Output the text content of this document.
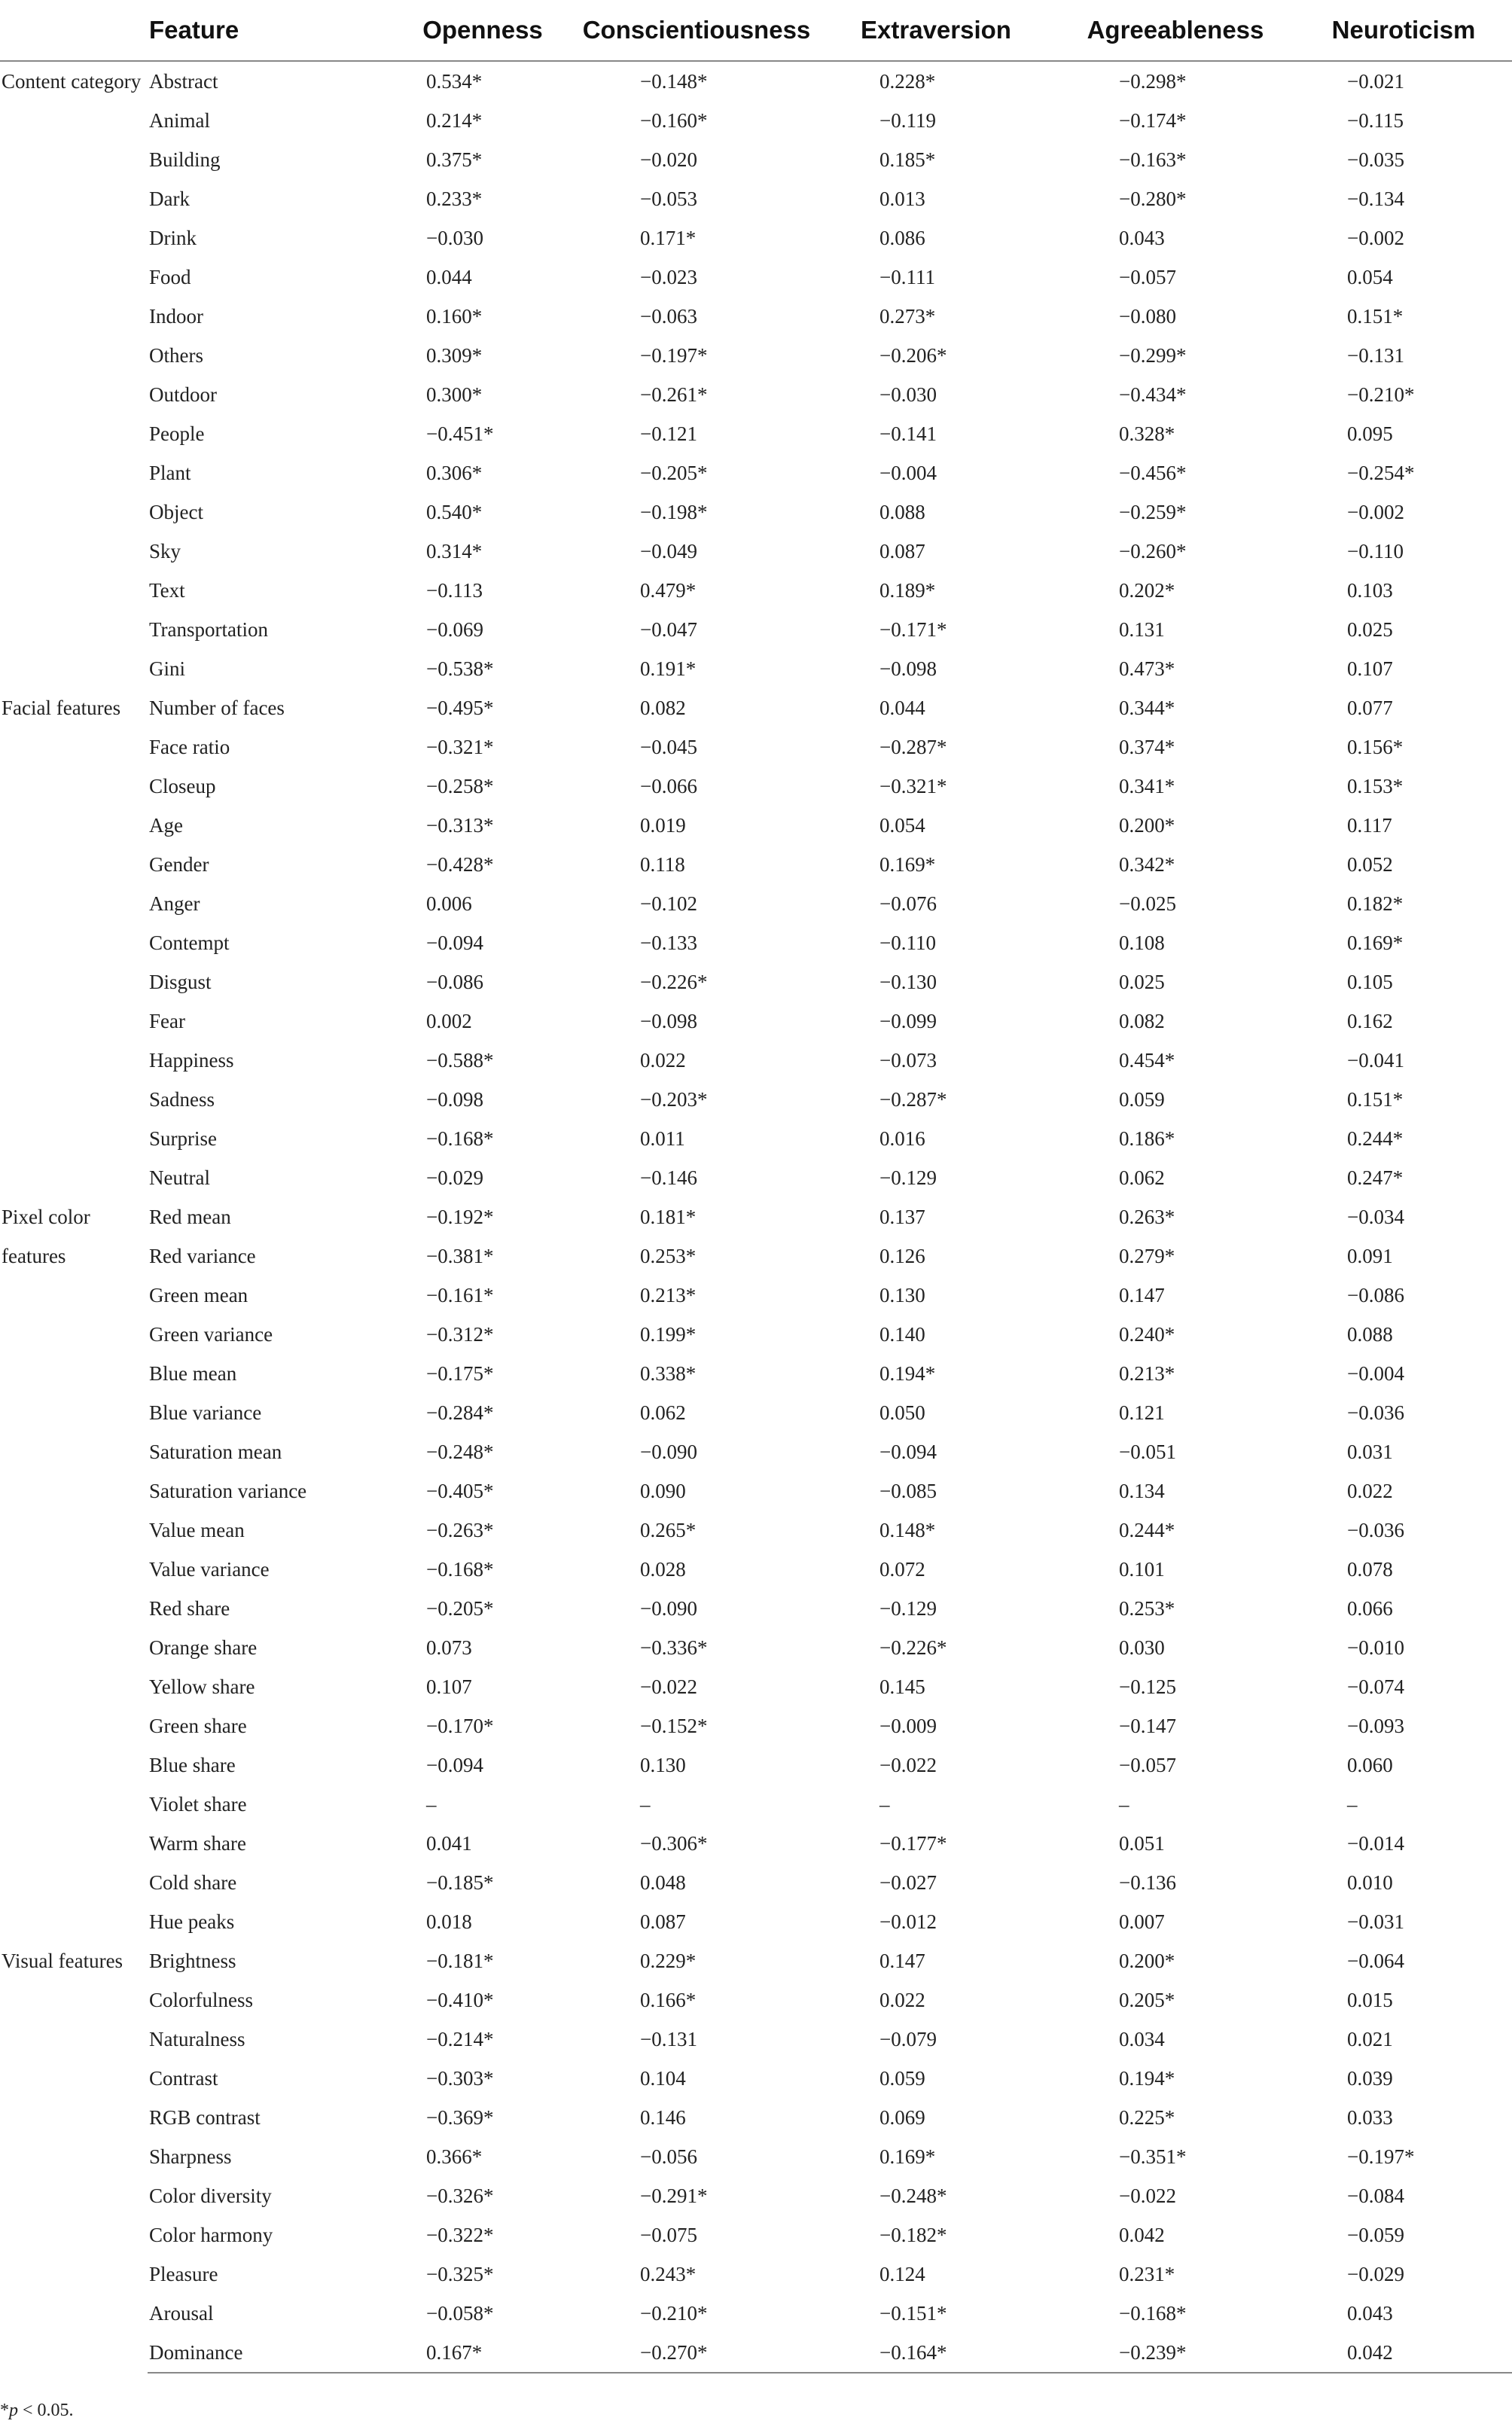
	Feature	Openness	Conscientiousness	Extraversion	Agreeableness	Neuroticism
Content category	Abstract	0.534*	−0.148*	0.228*	−0.298*	−0.021
	Animal	0.214*	−0.160*	−0.119	−0.174*	−0.115
	Building	0.375*	−0.020	0.185*	−0.163*	−0.035
	Dark	0.233*	−0.053	0.013	−0.280*	−0.134
	Drink	−0.030	0.171*	0.086	0.043	−0.002
	Food	0.044	−0.023	−0.111	−0.057	0.054
	Indoor	0.160*	−0.063	0.273*	−0.080	0.151*
	Others	0.309*	−0.197*	−0.206*	−0.299*	−0.131
	Outdoor	0.300*	−0.261*	−0.030	−0.434*	−0.210*
	People	−0.451*	−0.121	−0.141	0.328*	0.095
	Plant	0.306*	−0.205*	−0.004	−0.456*	−0.254*
	Object	0.540*	−0.198*	0.088	−0.259*	−0.002
	Sky	0.314*	−0.049	0.087	−0.260*	−0.110
	Text	−0.113	0.479*	0.189*	0.202*	0.103
	Transportation	−0.069	−0.047	−0.171*	0.131	0.025
	Gini	−0.538*	0.191*	−0.098	0.473*	0.107
Facial features	Number of faces	−0.495*	0.082	0.044	0.344*	0.077
	Face ratio	−0.321*	−0.045	−0.287*	0.374*	0.156*
	Closeup	−0.258*	−0.066	−0.321*	0.341*	0.153*
	Age	−0.313*	0.019	0.054	0.200*	0.117
	Gender	−0.428*	0.118	0.169*	0.342*	0.052
	Anger	0.006	−0.102	−0.076	−0.025	0.182*
	Contempt	−0.094	−0.133	−0.110	0.108	0.169*
	Disgust	−0.086	−0.226*	−0.130	0.025	0.105
	Fear	0.002	−0.098	−0.099	0.082	0.162
	Happiness	−0.588*	0.022	−0.073	0.454*	−0.041
	Sadness	−0.098	−0.203*	−0.287*	0.059	0.151*
	Surprise	−0.168*	0.011	0.016	0.186*	0.244*
	Neutral	−0.029	−0.146	−0.129	0.062	0.247*
Pixel color features	Red mean	−0.192*	0.181*	0.137	0.263*	−0.034
	Red variance	−0.381*	0.253*	0.126	0.279*	0.091
	Green mean	−0.161*	0.213*	0.130	0.147	−0.086
	Green variance	−0.312*	0.199*	0.140	0.240*	0.088
	Blue mean	−0.175*	0.338*	0.194*	0.213*	−0.004
	Blue variance	−0.284*	0.062	0.050	0.121	−0.036
	Saturation mean	−0.248*	−0.090	−0.094	−0.051	0.031
	Saturation variance	−0.405*	0.090	−0.085	0.134	0.022
	Value mean	−0.263*	0.265*	0.148*	0.244*	−0.036
	Value variance	−0.168*	0.028	0.072	0.101	0.078
	Red share	−0.205*	−0.090	−0.129	0.253*	0.066
	Orange share	0.073	−0.336*	−0.226*	0.030	−0.010
	Yellow share	0.107	−0.022	0.145	−0.125	−0.074
	Green share	−0.170*	−0.152*	−0.009	−0.147	−0.093
	Blue share	−0.094	0.130	−0.022	−0.057	0.060
	Violet share	–	–	–	–	–
	Warm share	0.041	−0.306*	−0.177*	0.051	−0.014
	Cold share	−0.185*	0.048	−0.027	−0.136	0.010
	Hue peaks	0.018	0.087	−0.012	0.007	−0.031
Visual features	Brightness	−0.181*	0.229*	0.147	0.200*	−0.064
	Colorfulness	−0.410*	0.166*	0.022	0.205*	0.015
	Naturalness	−0.214*	−0.131	−0.079	0.034	0.021
	Contrast	−0.303*	0.104	0.059	0.194*	0.039
	RGB contrast	−0.369*	0.146	0.069	0.225*	0.033
	Sharpness	0.366*	−0.056	0.169*	−0.351*	−0.197*
	Color diversity	−0.326*	−0.291*	−0.248*	−0.022	−0.084
	Color harmony	−0.322*	−0.075	−0.182*	0.042	−0.059
	Pleasure	−0.325*	0.243*	0.124	0.231*	−0.029
	Arousal	−0.058*	−0.210*	−0.151*	−0.168*	0.043
	Dominance	0.167*	−0.270*	−0.164*	−0.239*	0.042
*p < 0.05.
